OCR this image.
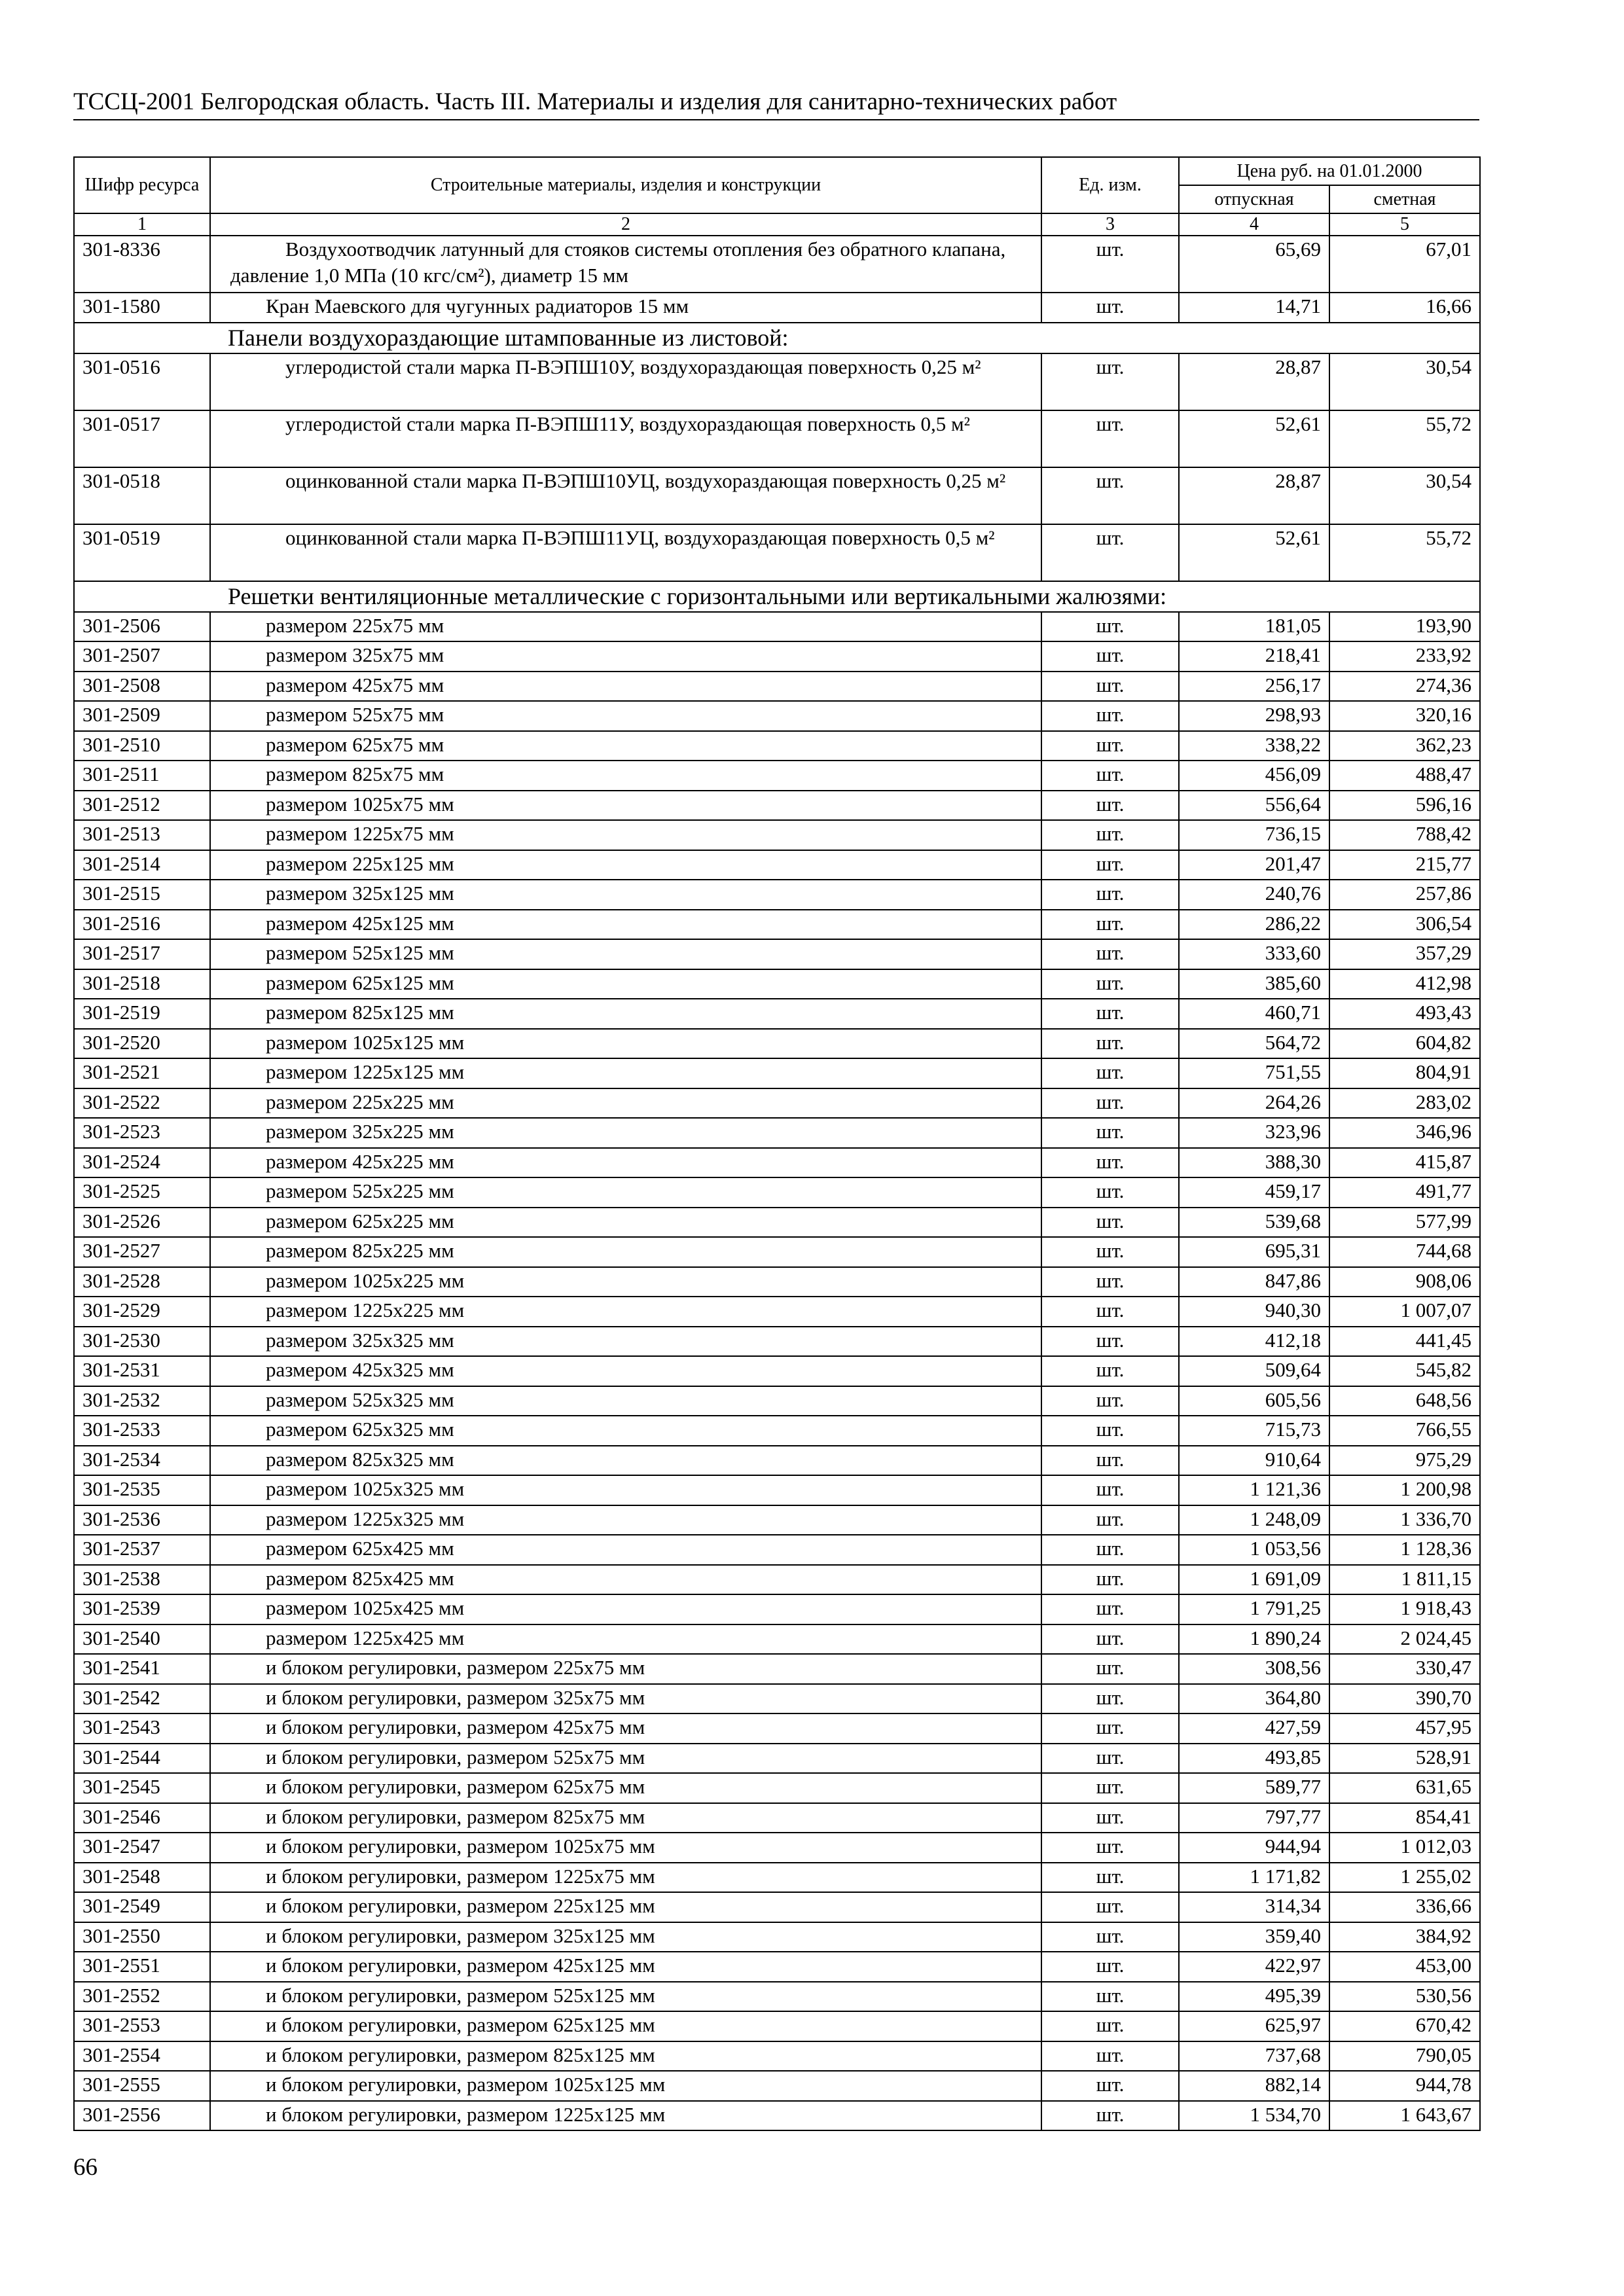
ТССЦ-2001 Белгородская область. Часть III. Материалы и изделия для санитарно-технических работ
Шифр ресурса	Строительные материалы, изделия и конструкции	Ед. изм.	Цена руб. на 01.01.2000	
			отпускная	сметная
1	2	3	4	5
301-8336	Воздухоотводчик латунный для стояков системы отопления без обратного клапана, давление 1,0 МПа (10 кгс/см²), диаметр 15 мм	шт.	65,69	67,01
301-1580	Кран Маевского для чугунных радиаторов 15 мм	шт.	14,71	16,66
Панели воздухораздающие штампованные из листовой:				
301-0516	углеродистой стали марка П-ВЭПШ10У, воздухораздающая поверхность 0,25 м²	шт.	28,87	30,54
301-0517	углеродистой стали марка П-ВЭПШ11У, воздухораздающая поверхность 0,5 м²	шт.	52,61	55,72
301-0518	оцинкованной стали марка П-ВЭПШ10УЦ, воздухораздающая поверхность 0,25 м²	шт.	28,87	30,54
301-0519	оцинкованной стали марка П-ВЭПШ11УЦ, воздухораздающая поверхность 0,5 м²	шт.	52,61	55,72
Решетки вентиляционные металлические с горизонтальными или вертикальными жалюзями:				
301-2506	размером 225x75 мм	шт.	181,05	193,90
301-2507	размером 325x75 мм	шт.	218,41	233,92
301-2508	размером 425x75 мм	шт.	256,17	274,36
301-2509	размером 525x75 мм	шт.	298,93	320,16
301-2510	размером 625x75 мм	шт.	338,22	362,23
301-2511	размером 825x75 мм	шт.	456,09	488,47
301-2512	размером 1025x75 мм	шт.	556,64	596,16
301-2513	размером 1225x75 мм	шт.	736,15	788,42
301-2514	размером 225x125 мм	шт.	201,47	215,77
301-2515	размером 325x125 мм	шт.	240,76	257,86
301-2516	размером 425x125 мм	шт.	286,22	306,54
301-2517	размером 525x125 мм	шт.	333,60	357,29
301-2518	размером 625x125 мм	шт.	385,60	412,98
301-2519	размером 825x125 мм	шт.	460,71	493,43
301-2520	размером 1025x125 мм	шт.	564,72	604,82
301-2521	размером 1225x125 мм	шт.	751,55	804,91
301-2522	размером 225x225 мм	шт.	264,26	283,02
301-2523	размером 325x225 мм	шт.	323,96	346,96
301-2524	размером 425x225 мм	шт.	388,30	415,87
301-2525	размером 525x225 мм	шт.	459,17	491,77
301-2526	размером 625x225 мм	шт.	539,68	577,99
301-2527	размером 825x225 мм	шт.	695,31	744,68
301-2528	размером 1025x225 мм	шт.	847,86	908,06
301-2529	размером 1225x225 мм	шт.	940,30	1 007,07
301-2530	размером 325x325 мм	шт.	412,18	441,45
301-2531	размером 425x325 мм	шт.	509,64	545,82
301-2532	размером 525x325 мм	шт.	605,56	648,56
301-2533	размером 625x325 мм	шт.	715,73	766,55
301-2534	размером 825x325 мм	шт.	910,64	975,29
301-2535	размером 1025x325 мм	шт.	1 121,36	1 200,98
301-2536	размером 1225x325 мм	шт.	1 248,09	1 336,70
301-2537	размером 625x425 мм	шт.	1 053,56	1 128,36
301-2538	размером 825x425 мм	шт.	1 691,09	1 811,15
301-2539	размером 1025x425 мм	шт.	1 791,25	1 918,43
301-2540	размером 1225x425 мм	шт.	1 890,24	2 024,45
301-2541	и блоком регулировки, размером 225x75 мм	шт.	308,56	330,47
301-2542	и блоком регулировки, размером 325x75 мм	шт.	364,80	390,70
301-2543	и блоком регулировки, размером 425x75 мм	шт.	427,59	457,95
301-2544	и блоком регулировки, размером 525x75 мм	шт.	493,85	528,91
301-2545	и блоком регулировки, размером 625x75 мм	шт.	589,77	631,65
301-2546	и блоком регулировки, размером 825x75 мм	шт.	797,77	854,41
301-2547	и блоком регулировки, размером 1025x75 мм	шт.	944,94	1 012,03
301-2548	и блоком регулировки, размером 1225x75 мм	шт.	1 171,82	1 255,02
301-2549	и блоком регулировки, размером 225x125 мм	шт.	314,34	336,66
301-2550	и блоком регулировки, размером 325x125 мм	шт.	359,40	384,92
301-2551	и блоком регулировки, размером 425x125 мм	шт.	422,97	453,00
301-2552	и блоком регулировки, размером 525x125 мм	шт.	495,39	530,56
301-2553	и блоком регулировки, размером 625x125 мм	шт.	625,97	670,42
301-2554	и блоком регулировки, размером 825x125 мм	шт.	737,68	790,05
301-2555	и блоком регулировки, размером 1025x125 мм	шт.	882,14	944,78
301-2556	и блоком регулировки, размером 1225x125 мм	шт.	1 534,70	1 643,67
66
